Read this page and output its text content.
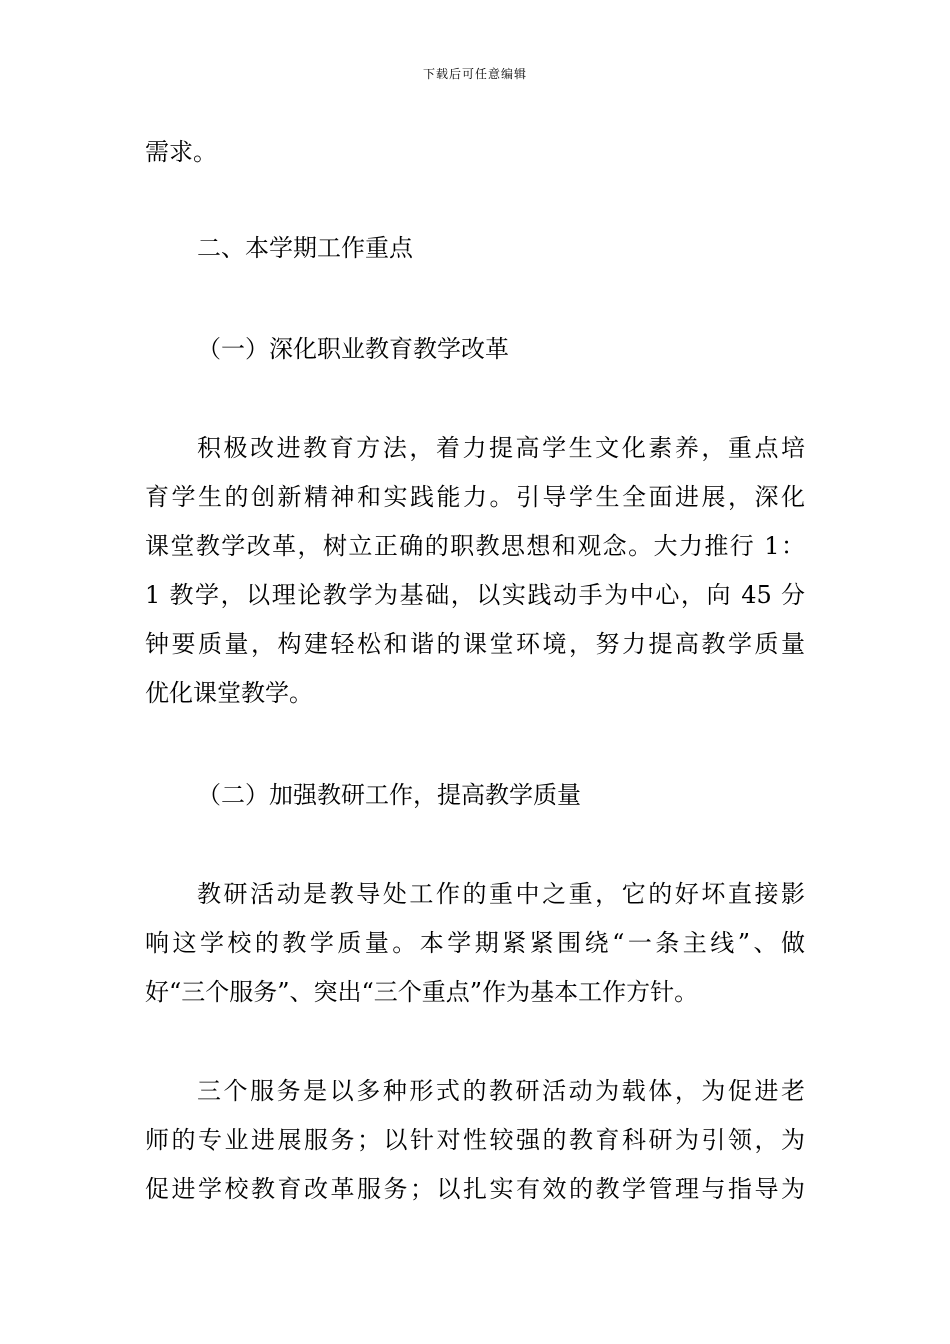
下载后可任意编辑
需求。
二、本学期工作重点
（一）深化职业教育教学改革
积极改进教育方法，着力提高学生文化素养，重点培
育学生的创新精神和实践能力。引导学生全面进展，深化
课堂教学改革，树立正确的职教思想和观念。大力推行 1：
1 教学，以理论教学为基础，以实践动手为中心，向 45 分
钟要质量，构建轻松和谐的课堂环境，努力提高教学质量
优化课堂教学。
（二）加强教研工作，提高教学质量
教研活动是教导处工作的重中之重，它的好坏直接影
响这学校的教学质量。本学期紧紧围绕“一条主线”、做
好“三个服务”、突出“三个重点”作为基本工作方针。
三个服务是以多种形式的教研活动为载体，为促进老
师的专业进展服务；以针对性较强的教育科研为引领，为
促进学校教育改革服务；以扎实有效的教学管理与指导为
